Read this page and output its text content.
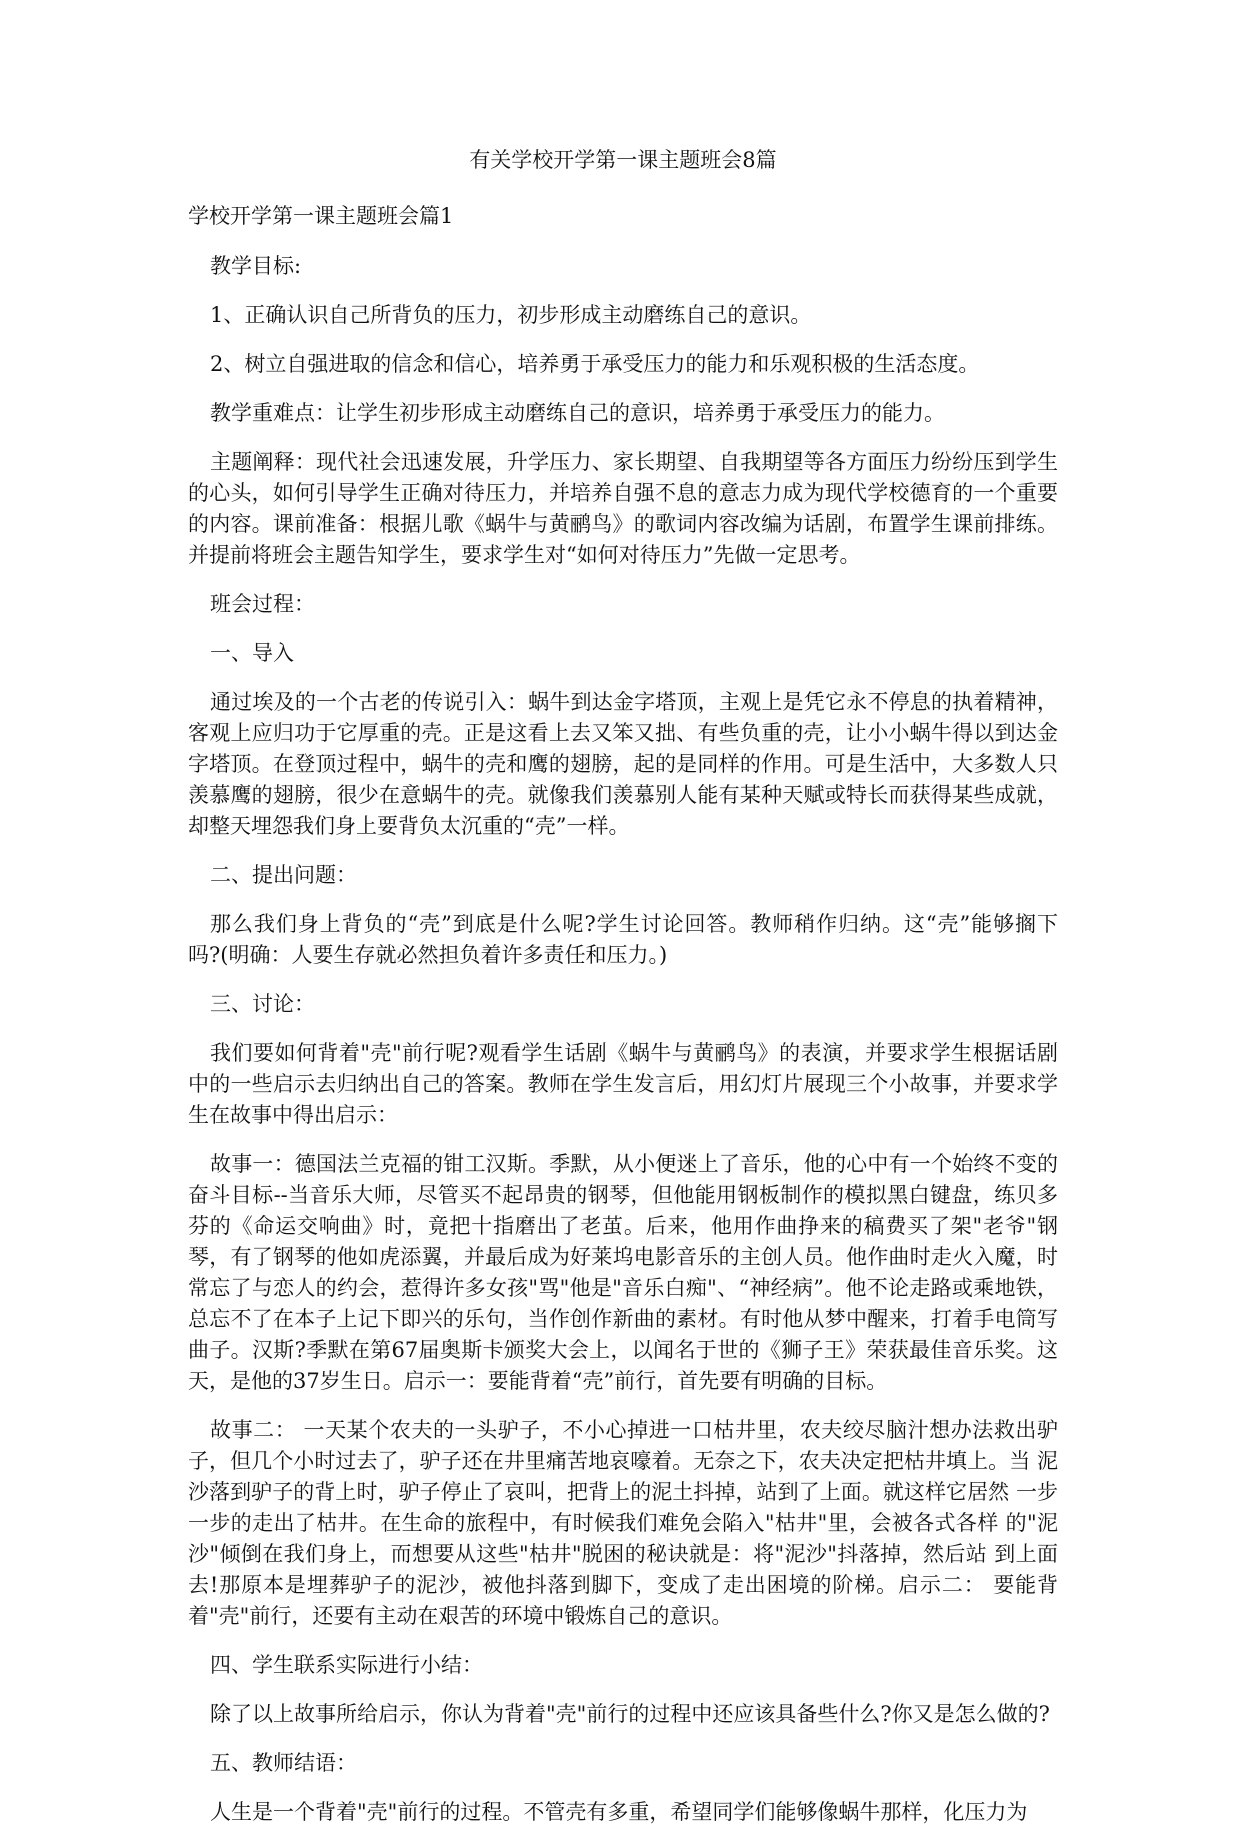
有关学校开学第一课主题班会8篇
学校开学第一课主题班会篇1

教学目标:

1、正确认识自己所背负的压力，初步形成主动磨练自己的意识。

2、树立自强进取的信念和信心，培养勇于承受压力的能力和乐观积极的生活态度。

教学重难点：让学生初步形成主动磨练自己的意识，培养勇于承受压力的能力。

主题阐释：现代社会迅速发展，升学压力、家长期望、自我期望等各方面压力纷纷压到学生的心头，如何引导学生正确对待压力，并培养自强不息的意志力成为现代学校德育的一个重要的内容。课前准备：根据儿歌《蜗牛与黄鹂鸟》的歌词内容改编为话剧，布置学生课前排练。并提前将班会主题告知学生，要求学生对“如何对待压力”先做一定思考。

班会过程：

一、导入

通过埃及的一个古老的传说引入：蜗牛到达金字塔顶，主观上是凭它永不停息的执着精神，客观上应归功于它厚重的壳。正是这看上去又笨又拙、有些负重的壳，让小小蜗牛得以到达金字塔顶。在登顶过程中，蜗牛的壳和鹰的翅膀，起的是同样的作用。可是生活中，大多数人只羡慕鹰的翅膀，很少在意蜗牛的壳。就像我们羡慕别人能有某种天赋或特长而获得某些成就，却整天埋怨我们身上要背负太沉重的“壳”一样。

二、提出问题：

那么我们身上背负的“壳”到底是什么呢?学生讨论回答。教师稍作归纳。这“壳”能够搁下 吗?(明确：人要生存就必然担负着许多责任和压力。)

三、讨论：

我们要如何背着"壳"前行呢?观看学生话剧《蜗牛与黄鹂鸟》的表演，并要求学生根据话剧中的一些启示去归纳出自己的答案。教师在学生发言后，用幻灯片展现三个小故事，并要求学生在故事中得出启示：

故事一：德国法兰克福的钳工汉斯。季默，从小便迷上了音乐，他的心中有一个始终不变的奋斗目标--当音乐大师，尽管买不起昂贵的钢琴，但他能用钢板制作的模拟黑白键盘，练贝多芬的《命运交响曲》时，竟把十指磨出了老茧。后来，他用作曲挣来的稿费买了架"老爷"钢琴，有了钢琴的他如虎添翼，并最后成为好莱坞电影音乐的主创人员。他作曲时走火入魔，时常忘了与恋人的约会，惹得许多女孩"骂"他是"音乐白痴"、“神经病”。他不论走路或乘地铁，总忘不了在本子上记下即兴的乐句，当作创作新曲的素材。有时他从梦中醒来，打着手电筒写曲子。汉斯?季默在第67届奥斯卡颁奖大会上，以闻名于世的《狮子王》荣获最佳音乐奖。这天，是他的37岁生日。启示一：要能背着“壳”前行，首先要有明确的目标。

故事二： 一天某个农夫的一头驴子，不小心掉进一口枯井里，农夫绞尽脑汁想办法救出驴 子，但几个小时过去了，驴子还在井里痛苦地哀嚎着。无奈之下，农夫决定把枯井填上。当 泥沙落到驴子的背上时，驴子停止了哀叫，把背上的泥土抖掉，站到了上面。就这样它居然 一步一步的走出了枯井。在生命的旅程中，有时候我们难免会陷入"枯井"里，会被各式各样 的"泥沙"倾倒在我们身上，而想要从这些"枯井"脱困的秘诀就是：将"泥沙"抖落掉，然后站 到上面去!那原本是埋葬驴子的泥沙，被他抖落到脚下，变成了走出困境的阶梯。启示二： 要能背着"壳"前行，还要有主动在艰苦的环境中锻炼自己的意识。

四、学生联系实际进行小结：

除了以上故事所给启示，你认为背着"壳"前行的过程中还应该具备些什么?你又是怎么做的?

五、教师结语：

人生是一个背着"壳"前行的过程。不管壳有多重，希望同学们能够像蜗牛那样，化压力为
